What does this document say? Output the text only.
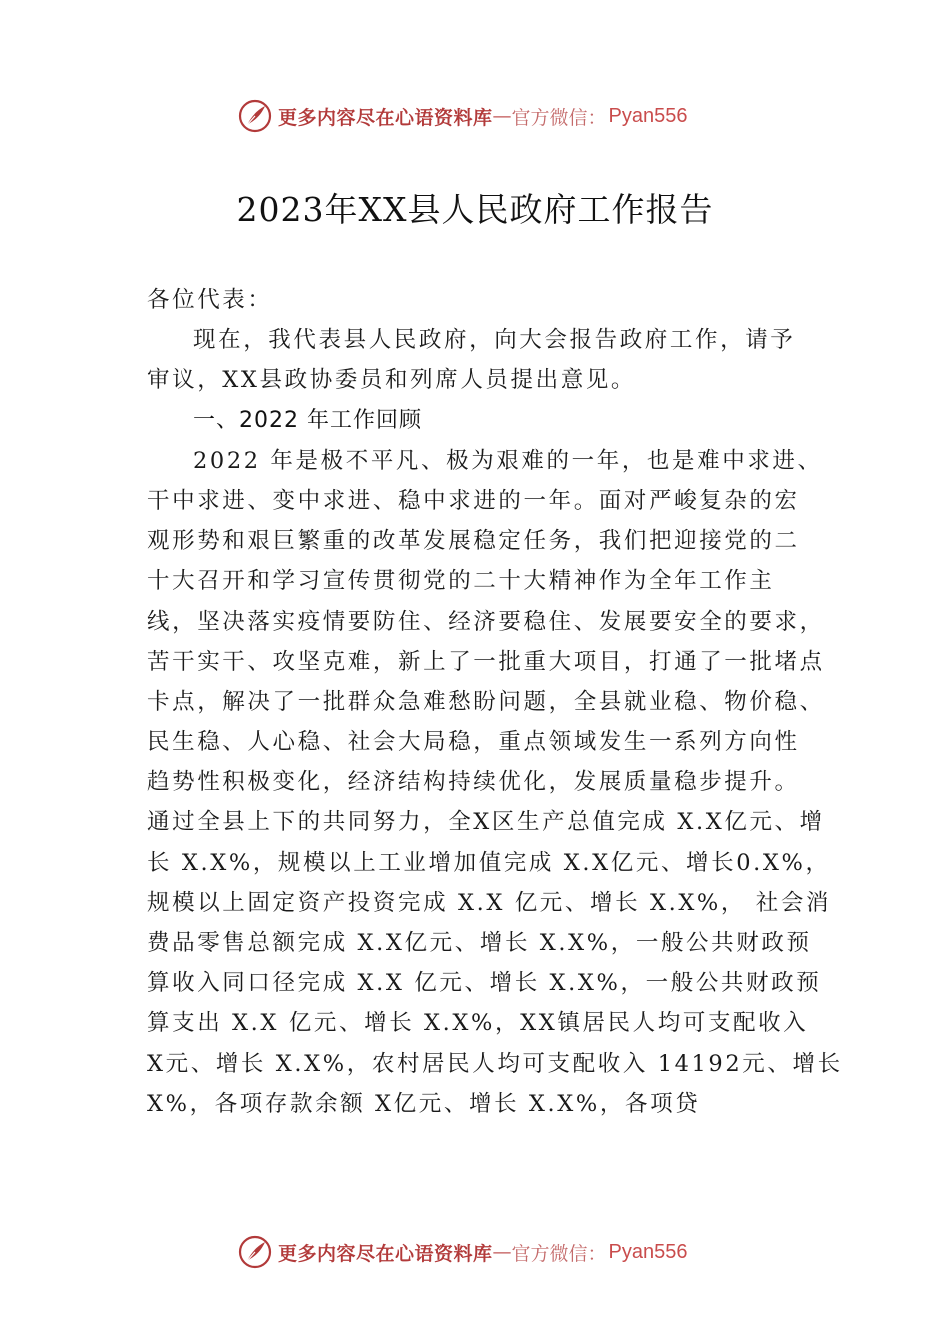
更多内容尽在心语资料库 — 官方微信： Pyan556
2023年XX县人民政府工作报告
各位代表：
现在，我代表县人民政府，向大会报告政府工作，请予
审议，XX县政协委员和列席人员提出意见。
一、2022 年工作回顾
2022 年是极不平凡、极为艰难的一年，也是难中求进、
干中求进、变中求进、稳中求进的一年。面对严峻复杂的宏
观形势和艰巨繁重的改革发展稳定任务，我们把迎接党的二
十大召开和学习宣传贯彻党的二十大精神作为全年工作主
线，坚决落实疫情要防住、经济要稳住、发展要安全的要求，
苦干实干、攻坚克难，新上了一批重大项目，打通了一批堵点
卡点，解决了一批群众急难愁盼问题，全县就业稳、物价稳、
民生稳、人心稳、社会大局稳，重点领域发生一系列方向性
趋势性积极变化，经济结构持续优化，发展质量稳步提升。
通过全县上下的共同努力，全X区生产总值完成 X.X亿元、增
长 X.X%，规模以上工业增加值完成 X.X亿元、增长0.X%，
规模以上固定资产投资完成 X.X 亿元、增长 X.X%， 社会消
费品零售总额完成 X.X亿元、增长 X.X%，一般公共财政预
算收入同口径完成 X.X 亿元、增长 X.X%，一般公共财政预
算支出 X.X 亿元、增长 X.X%，XX镇居民人均可支配收入
X元、增长 X.X%，农村居民人均可支配收入 14192元、增长
X%，各项存款余额 X亿元、增长 X.X%，各项贷
更多内容尽在心语资料库 — 官方微信： Pyan556
